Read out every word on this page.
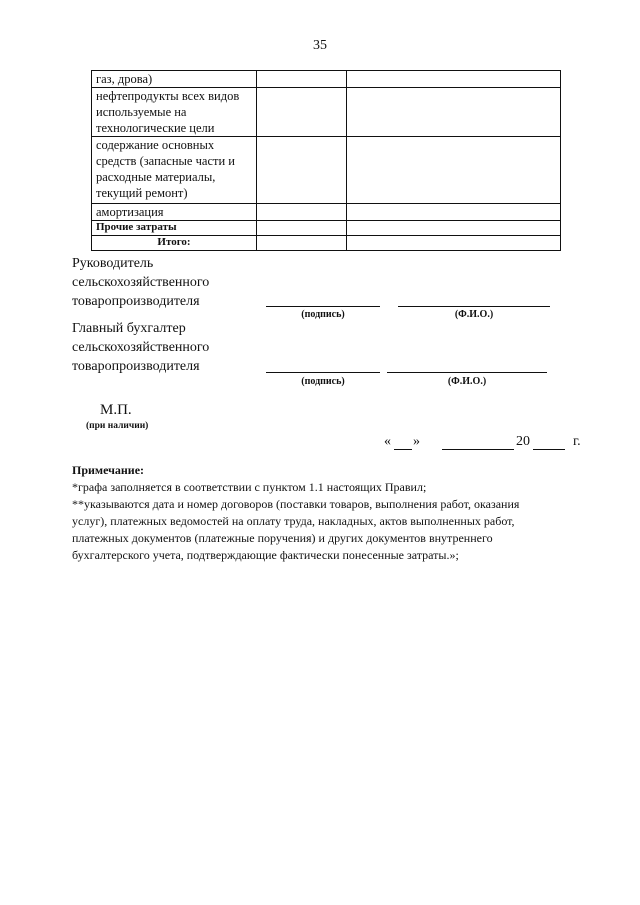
35
газ, дрова)		
нефтепродукты всех видов используемые на технологические цели		
содержание основных средств (запасные части и расходные материалы, текущий ремонт)		
амортизация		
Прочие затраты		
Итого:		
Руководитель
сельскохозяйственного
товаропроизводителя
(подпись)	(Ф.И.О.)
Главный бухгалтер
сельскохозяйственного
товаропроизводителя
(подпись)	(Ф.И.О.)
М.П.
(при наличии)
« »	20	г.
Примечание:
*графа заполняется в соответствии с пунктом 1.1 настоящих Правил;
**указываются дата и номер договоров (поставки товаров, выполнения работ, оказания
услуг), платежных ведомостей на оплату труда, накладных, актов выполненных работ,
платежных документов (платежные поручения) и других документов внутреннего
бухгалтерского учета, подтверждающие фактически понесенные затраты.»;
